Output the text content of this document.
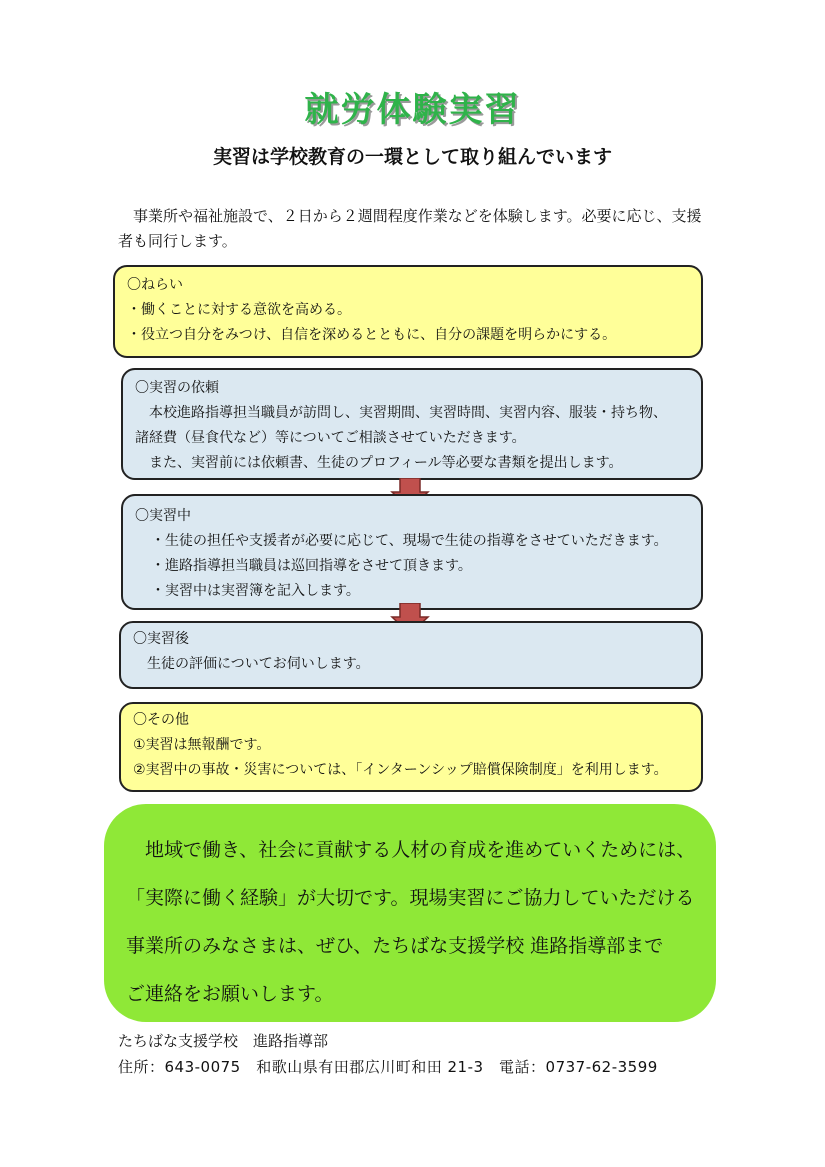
就労体験実習
実習は学校教育の一環として取り組んでいます
事業所や福祉施設で、２日から２週間程度作業などを体験します。必要に応じ、支援者も同行します。
〇ねらい
・働くことに対する意欲を高める。
・役立つ自分をみつけ、自信を深めるとともに、自分の課題を明らかにする。
〇実習の依頼
本校進路指導担当職員が訪問し、実習期間、実習時間、実習内容、服装・持ち物、
諸経費（昼食代など）等についてご相談させていただきます。
また、実習前には依頼書、生徒のプロフィール等必要な書類を提出します。
〇実習中
・生徒の担任や支援者が必要に応じて、現場で生徒の指導をさせていただきます。
・進路指導担当職員は巡回指導をさせて頂きます。
・実習中は実習簿を記入します。
〇実習後
生徒の評価についてお伺いします。
〇その他
①実習は無報酬です。
②実習中の事故・災害については、「インターンシップ賠償保険制度」を利用します。
地域で働き、社会に貢献する人材の育成を進めていくためには、
「実際に働く経験」が大切です。現場実習にご協力していただける
事業所のみなさまは、ぜひ、たちばな支援学校 進路指導部まで
ご連絡をお願いします。
たちばな支援学校　進路指導部
住所：643-0075　和歌山県有田郡広川町和田 21-3　電話：0737-62-3599
